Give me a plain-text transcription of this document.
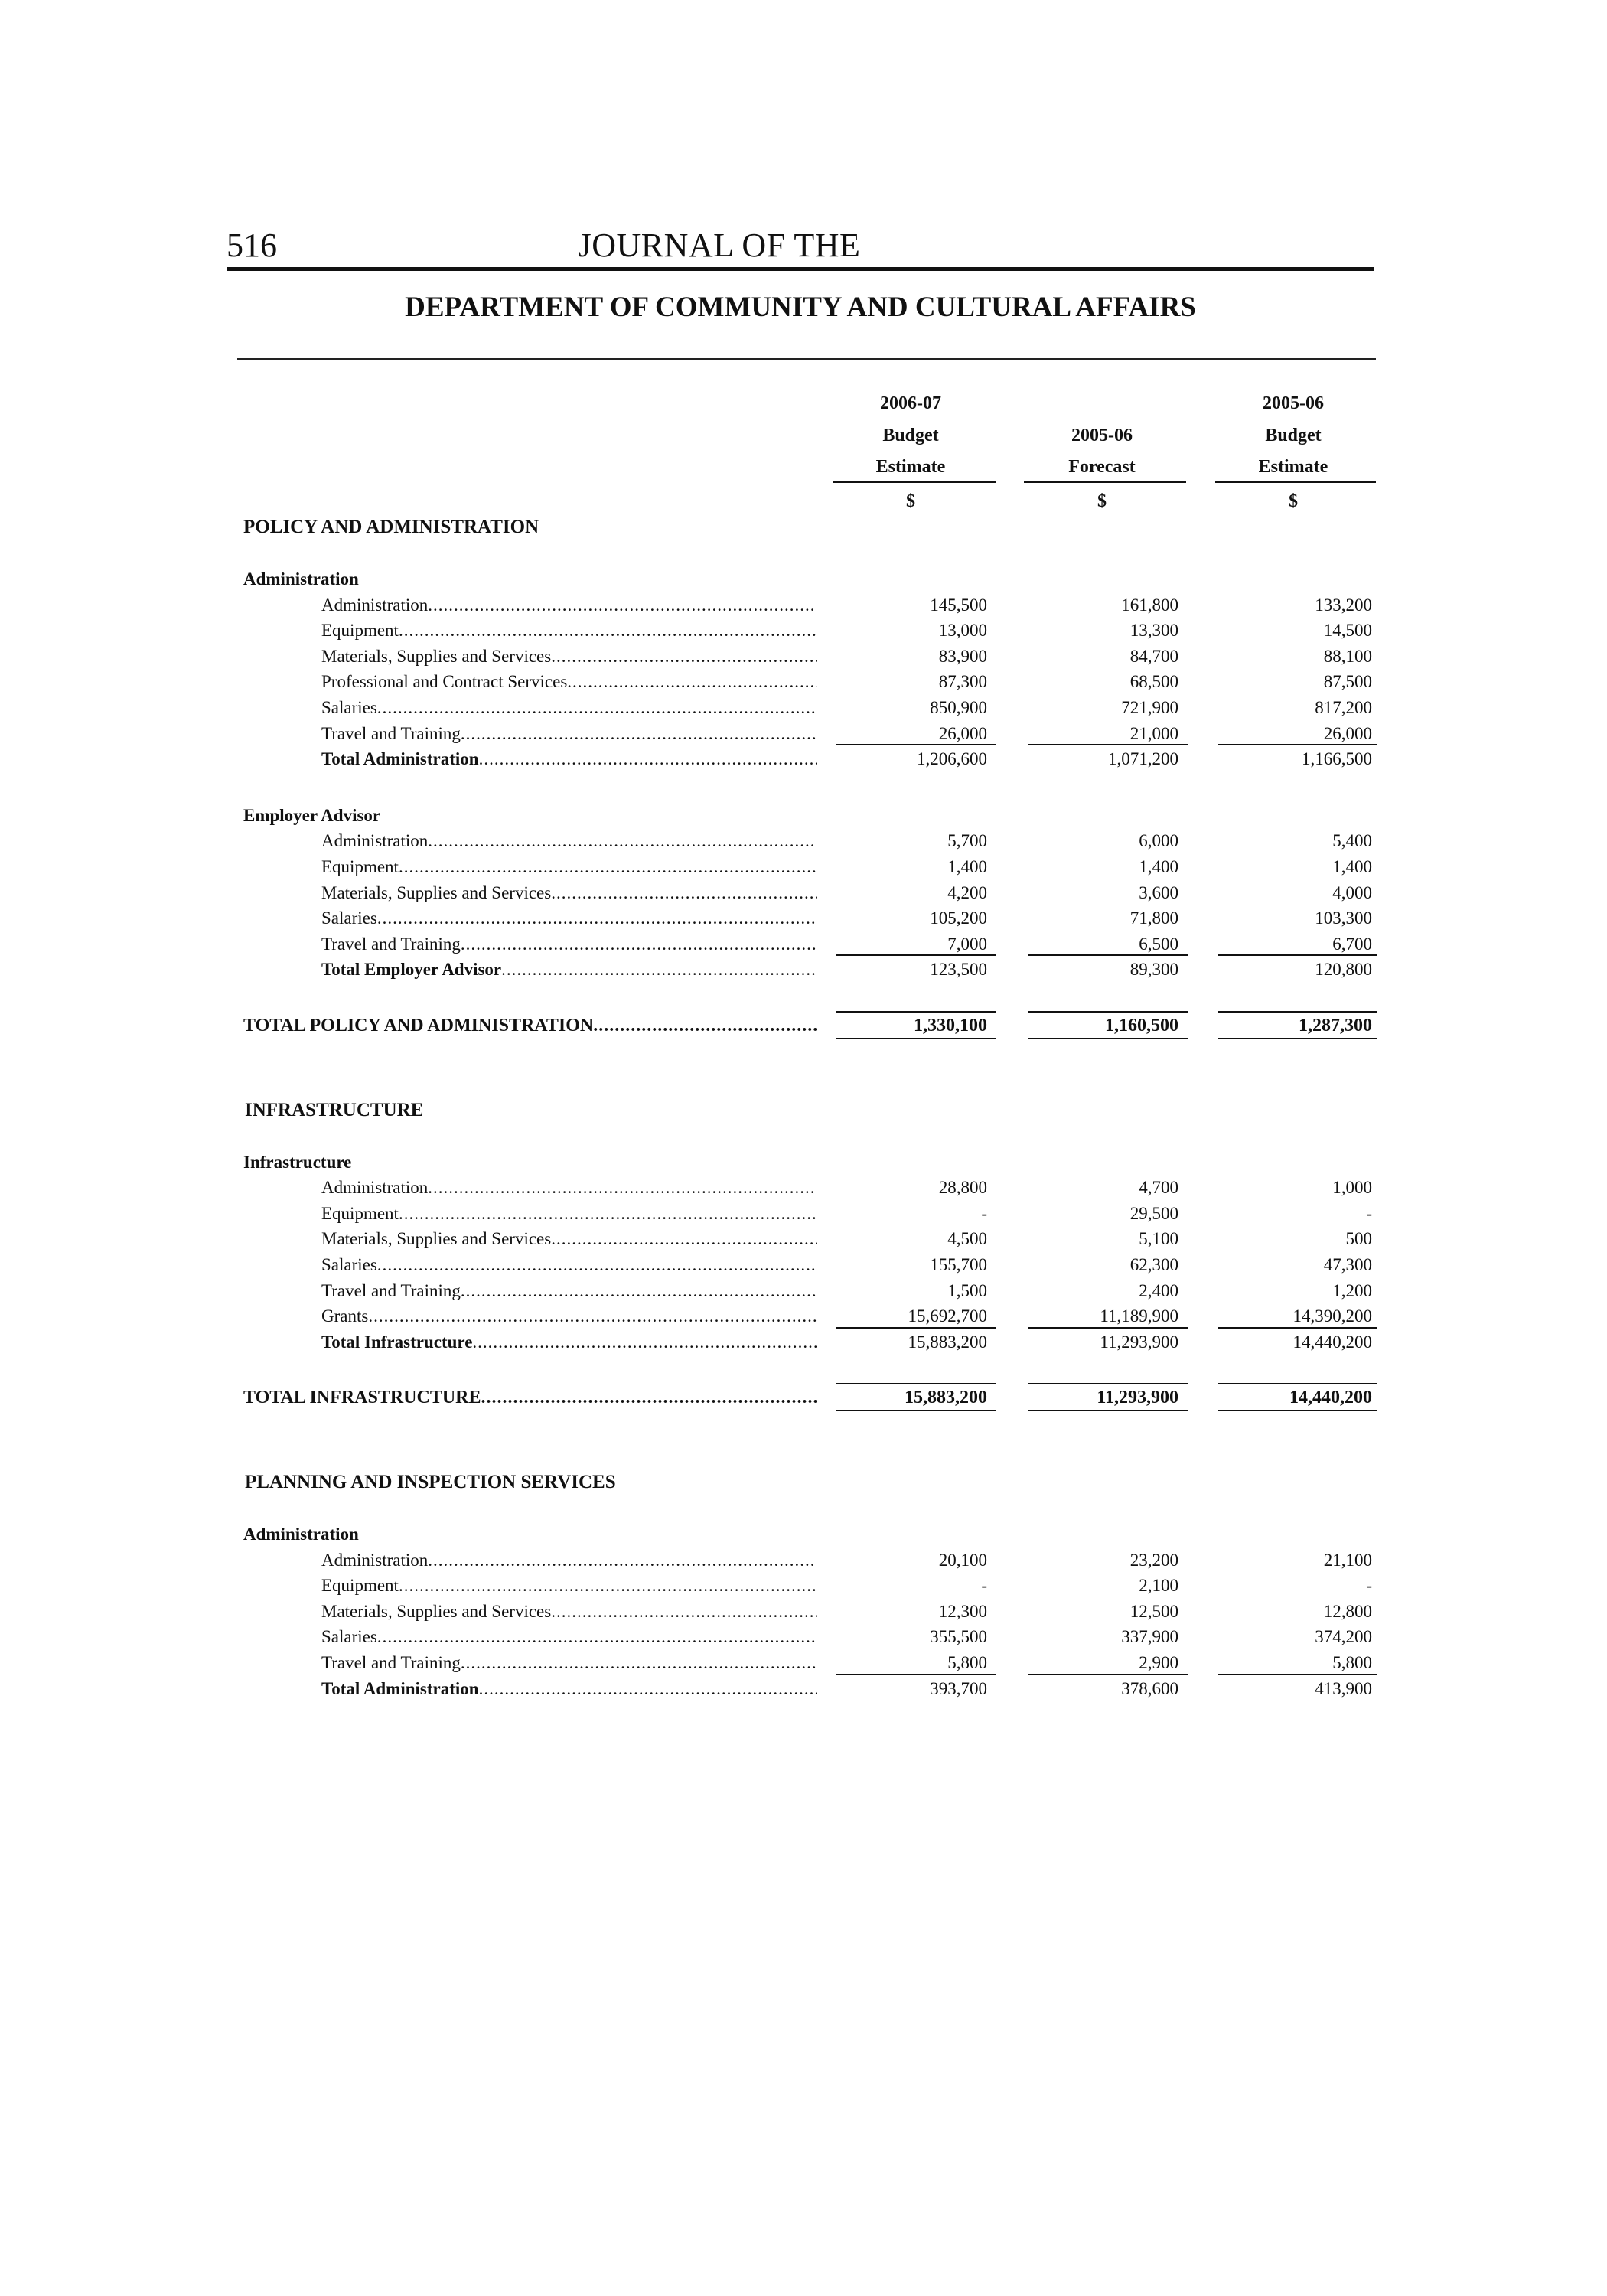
516	JOURNAL OF THE
DEPARTMENT OF COMMUNITY AND CULTURAL AFFAIRS
2006-07
Budget
Estimate
$
2005-06
Forecast
$
2005-06
Budget
Estimate
$
POLICY AND ADMINISTRATION
Administration
Administration .....	145,500	161,800	133,200
Equipment .....	13,000	13,300	14,500
Materials, Supplies and Services .....	83,900	84,700	88,100
Professional and Contract Services .....	87,300	68,500	87,500
Salaries .....	850,900	721,900	817,200
Travel and Training .....	26,000	21,000	26,000
Total Administration .....	1,206,600	1,071,200	1,166,500
Employer Advisor
Administration .....	5,700	6,000	5,400
Equipment .....	1,400	1,400	1,400
Materials, Supplies and Services .....	4,200	3,600	4,000
Salaries .....	105,200	71,800	103,300
Travel and Training .....	7,000	6,500	6,700
Total Employer Advisor .....	123,500	89,300	120,800
TOTAL POLICY AND ADMINISTRATION .....	1,330,100	1,160,500	1,287,300
INFRASTRUCTURE
Infrastructure
Administration .....	28,800	4,700	1,000
Equipment .....	-	29,500	-
Materials, Supplies and Services .....	4,500	5,100	500
Salaries .....	155,700	62,300	47,300
Travel and Training .....	1,500	2,400	1,200
Grants .....	15,692,700	11,189,900	14,390,200
Total Infrastructure .....	15,883,200	11,293,900	14,440,200
TOTAL INFRASTRUCTURE .....	15,883,200	11,293,900	14,440,200
PLANNING AND INSPECTION SERVICES
Administration
Administration .....	20,100	23,200	21,100
Equipment .....	-	2,100	-
Materials, Supplies and Services .....	12,300	12,500	12,800
Salaries .....	355,500	337,900	374,200
Travel and Training .....	5,800	2,900	5,800
Total Administration .....	393,700	378,600	413,900
